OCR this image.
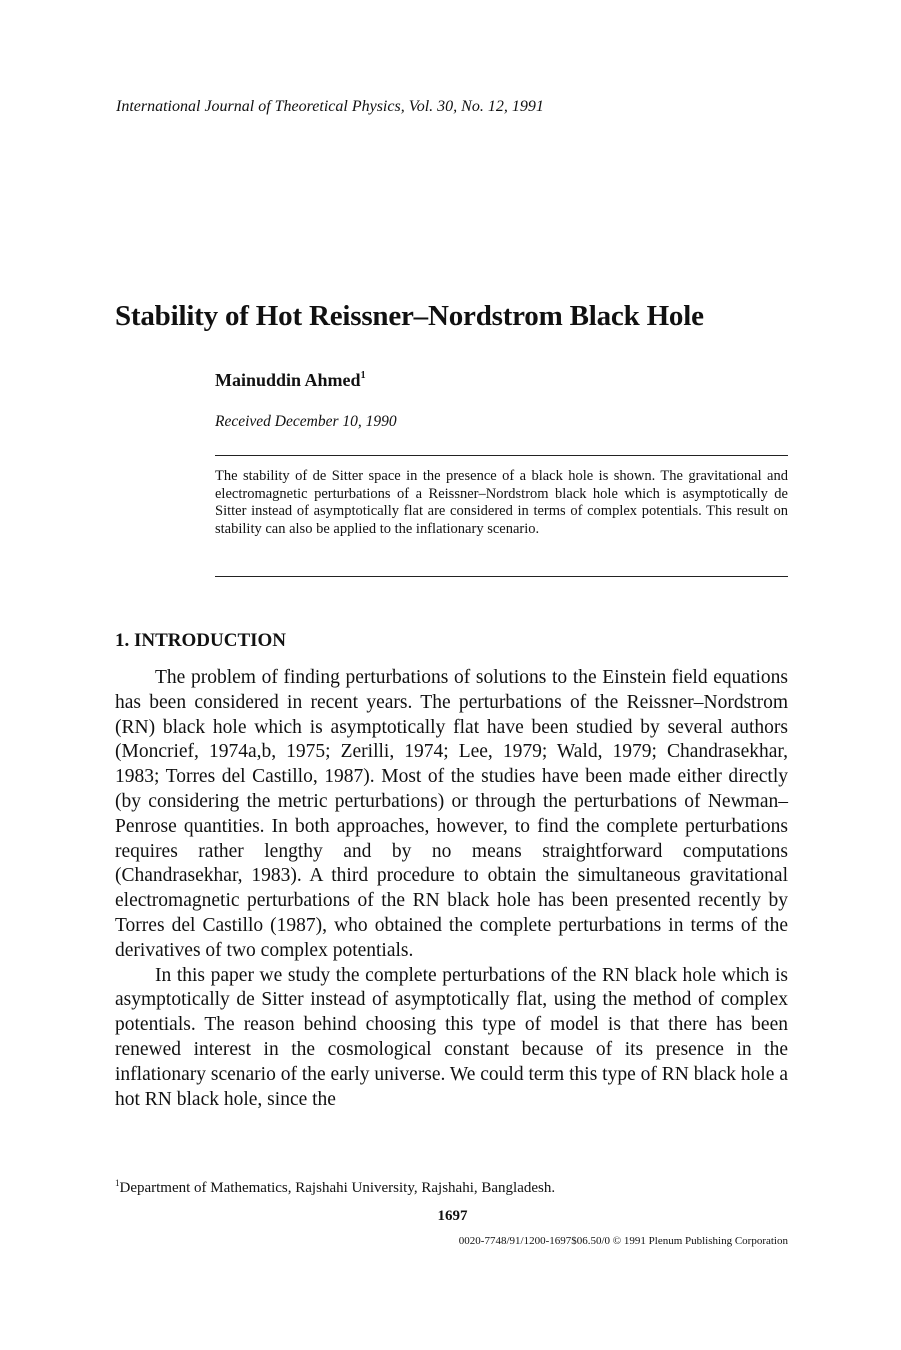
International Journal of Theoretical Physics, Vol. 30, No. 12, 1991
Stability of Hot Reissner–Nordstrom Black Hole
Mainuddin Ahmed$^1$
Received December 10, 1990
The stability of de Sitter space in the presence of a black hole is shown. The gravitational and electromagnetic perturbations of a Reissner–Nordstrom black hole which is asymptotically de Sitter instead of asymptotically flat are considered in terms of complex potentials. This result on stability can also be applied to the inflationary scenario.
1. INTRODUCTION

The problem of finding perturbations of solutions to the Einstein field equations has been considered in recent years. The perturbations of the Reissner–Nordstrom (RN) black hole which is asymptotically flat have been studied by several authors (Moncrief, 1974a,b, 1975; Zerilli, 1974; Lee, 1979; Wald, 1979; Chandrasekhar, 1983; Torres del Castillo, 1987). Most of the studies have been made either directly (by considering the metric perturbations) or through the perturbations of Newman–Penrose quantities. In both approaches, however, to find the complete perturbations requires rather lengthy and by no means straightforward computations (Chandrasekhar, 1983). A third procedure to obtain the simultaneous gravitational electromagnetic perturbations of the RN black hole has been presented recently by Torres del Castillo (1987), who obtained the complete perturbations in terms of the derivatives of two complex potentials.

In this paper we study the complete perturbations of the RN black hole which is asymptotically de Sitter instead of asymptotically flat, using the method of complex potentials. The reason behind choosing this type of model is that there has been renewed interest in the cosmological constant because of its presence in the inflationary scenario of the early universe. We could term this type of RN black hole a hot RN black hole, since the

$^1$Department of Mathematics, Rajshahi University, Rajshahi, Bangladesh.
1697
0020-7748/91/1200-1697$06.50/0 © 1991 Plenum Publishing Corporation
